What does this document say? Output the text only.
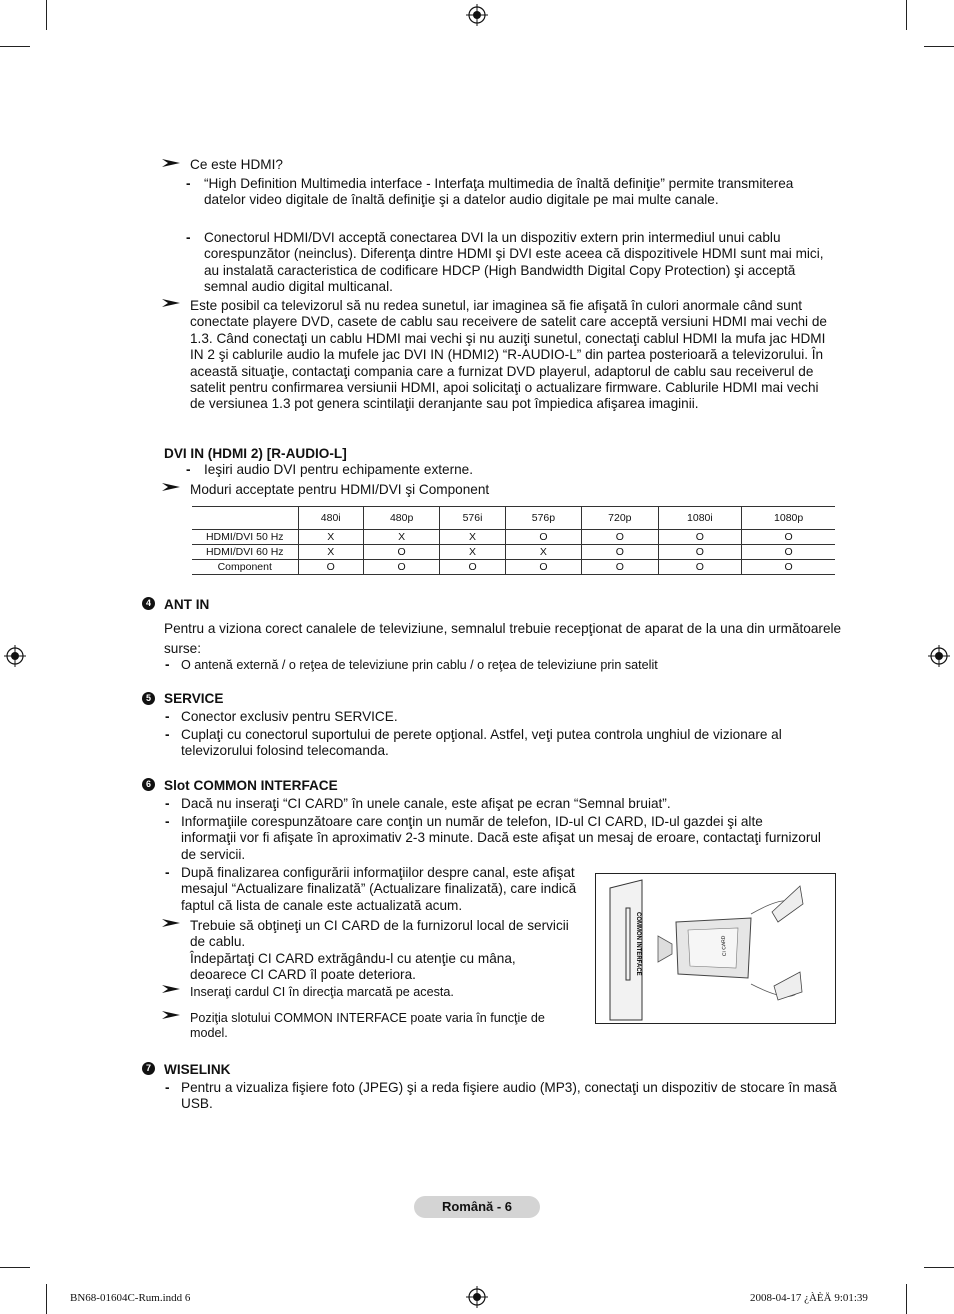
Ce este HDMI?
- “High Definition Multimedia interface - Interfaţa multimedia de înaltă definiţie” permite transmiterea datelor video digitale de înaltă definiţie şi a datelor audio digitale pe mai multe canale.
- Conectorul HDMI/DVI acceptă conectarea DVI la un dispozitiv extern prin intermediul unui cablu corespunzător (neinclus). Diferenţa dintre HDMI şi DVI este aceea că dispozitivele HDMI sunt mai mici, au instalată caracteristica de codificare HDCP (High Bandwidth Digital Copy Protection) şi acceptă semnal audio digital multicanal.
Este posibil ca televizorul să nu redea sunetul, iar imaginea să fie afişată în culori anormale când sunt conectate playere DVD, casete de cablu sau receivere de satelit care acceptă versiuni HDMI mai vechi de 1.3. Când conectaţi un cablu HDMI mai vechi şi nu auziţi sunetul, conectaţi cablul HDMI la mufa jac HDMI IN 2 şi cablurile audio la mufele jac DVI IN (HDMI2) “R-AUDIO-L” din partea posterioară a televizorului. În această situaţie, contactaţi compania care a furnizat DVD playerul, adaptorul de cablu sau receiverul de satelit pentru confirmarea versiunii HDMI, apoi solicitaţi o actualizare firmware. Cablurile HDMI mai vechi de versiunea 1.3 pot genera scintilaţii deranjante sau pot împiedica afişarea imaginii.
DVI IN (HDMI 2) [R-AUDIO-L]
- Ieşiri audio DVI pentru echipamente externe.
Moduri acceptate pentru HDMI/DVI şi Component
	480i	480p	576i	576p	720p	1080i	1080p
HDMI/DVI 50 Hz	X	X	X	O	O	O	O
HDMI/DVI 60 Hz	X	O	X	X	O	O	O
Component	O	O	O	O	O	O	O
4 ANT IN
Pentru a viziona corect canalele de televiziune, semnalul trebuie recepţionat de aparat de la una din următoarele surse:
- O antenă externă / o reţea de televiziune prin cablu / o reţea de televiziune prin satelit
5 SERVICE
- Conector exclusiv pentru SERVICE.
- Cuplaţi cu conectorul suportului de perete opţional. Astfel, veţi putea controla unghiul de vizionare al televizorului folosind telecomanda.
6 Slot COMMON INTERFACE
- Dacă nu inseraţi “CI CARD” în unele canale, este afişat pe ecran “Semnal bruiat”.
- Informaţiile corespunzătoare care conţin un număr de telefon, ID-ul CI CARD, ID-ul gazdei şi alte informaţii vor fi afişate în aproximativ 2-3 minute. Dacă este afişat un mesaj de eroare, contactaţi furnizorul de servicii.
- După finalizarea configurării informaţiilor despre canal, este afişat mesajul “Actualizare finalizată” (Actualizare finalizată), care indică faptul că lista de canale este actualizată acum.
Trebuie să obţineţi un CI CARD de la furnizorul local de servicii de cablu.
Îndepărtaţi CI CARD extrăgându-l cu atenţie cu mâna, deoarece CI CARD îl poate deteriora.
Inseraţi cardul CI în direcţia marcată pe acesta.
Poziţia slotului COMMON INTERFACE poate varia în funcţie de model.
COMMON INTERFACE	CI CARD
7 WISELINK
- Pentru a vizualiza fişiere foto (JPEG) şi a reda fişiere audio (MP3), conectaţi un dispozitiv de stocare în masă USB.
Română - 6
BN68-01604C-Rum.indd 6	2008-04-17 ¿ÀÈÄ 9:01:39
